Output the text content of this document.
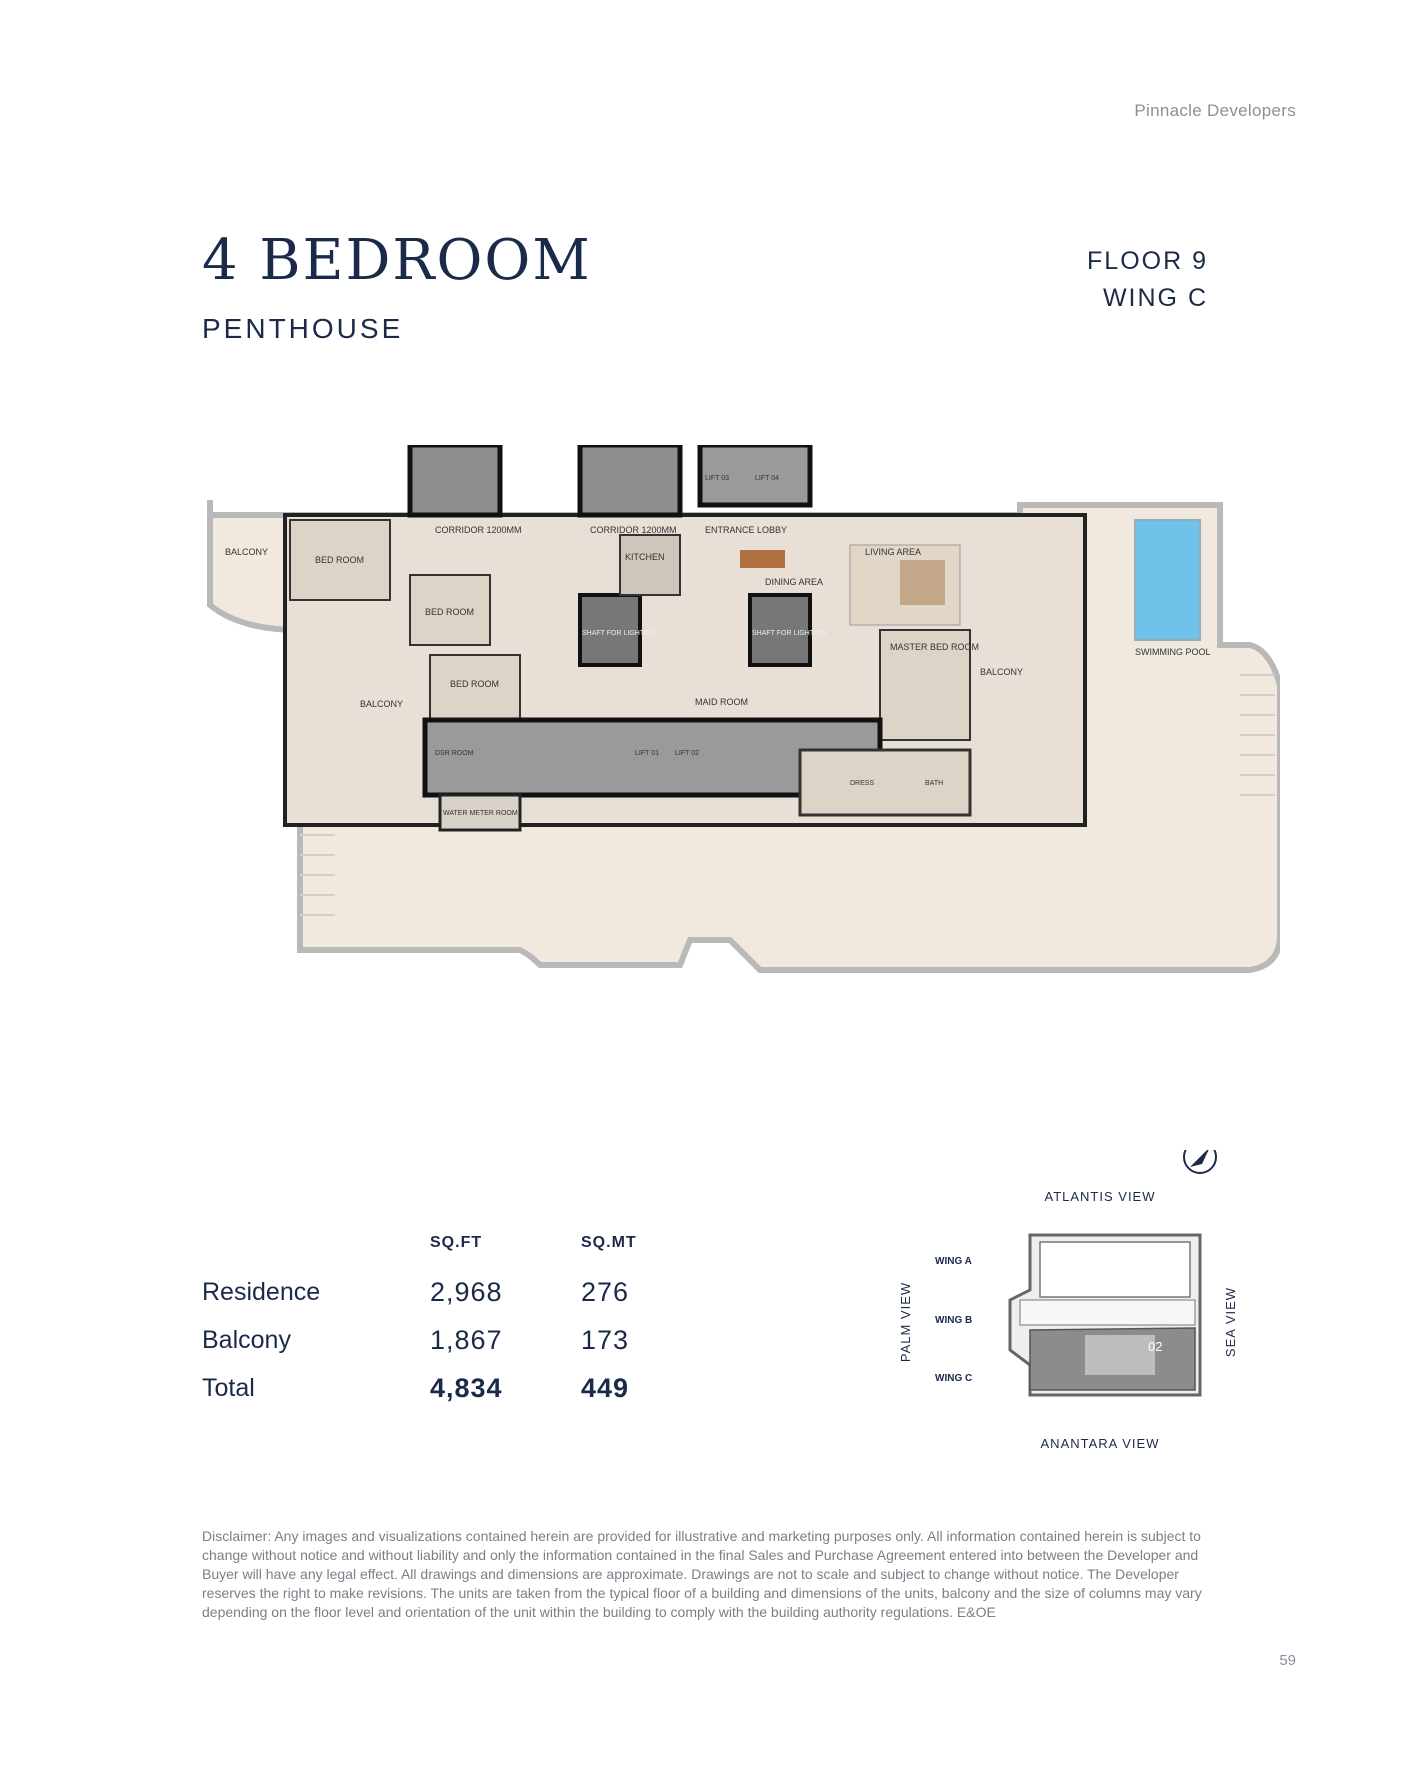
Pinnacle Developers
4 BEDROOM
PENTHOUSE
FLOOR 9
WING C
BALCONY
BED ROOM
BED ROOM
BED ROOM
BALCONY
CORRIDOR 1200MM	CORRIDOR 1200MM	ENTRANCE LOBBY
KITCHEN
DINING AREA
LIVING AREA
SWIMMING POOL
BALCONY
MASTER BED ROOM
MAID ROOM
SHAFT FOR LIGHTING	SHAFT FOR LIGHTING
WATER METER ROOM
LIFT 03	LIFT 04
LIFT 01 LIFT 02
DSR ROOM
BATH
DRESS
SQ.FT	SQ.MT
Residence	2,968	276
Balcony	1,867	173
Total	4,834	449
ATLANTIS VIEW
ANANTARA VIEW
PALM VIEW	SEA VIEW
WING A
WING B
WING C
02
Disclaimer: Any images and visualizations contained herein are provided for illustrative and marketing purposes only. All information contained herein is subject to change without notice and without liability and only the information contained in the final Sales and Purchase Agreement entered into between the Developer and Buyer will have any legal effect. All drawings and dimensions are approximate. Drawings are not to scale and subject to change without notice. The Developer reserves the right to make revisions. The units are taken from the typical floor of a building and dimensions of the units, balcony and the size of columns may vary depending on the floor level and orientation of the unit within the building to comply with the building authority regulations. E&OE
59
